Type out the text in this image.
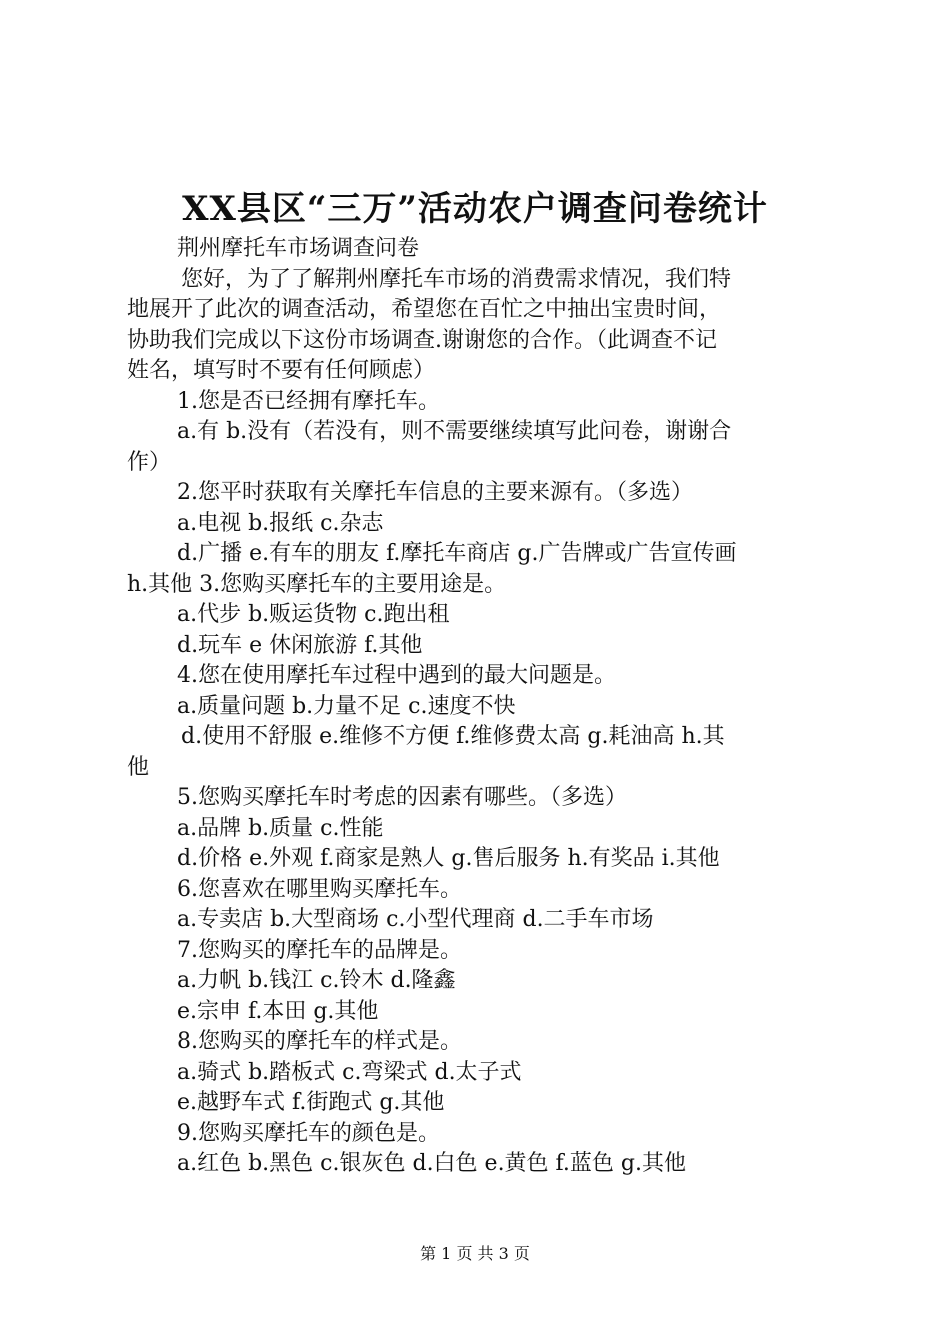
XX县区“三万”活动农户调查问卷统计
荆州摩托车市场调查问卷
您好，为了了解荆州摩托车市场的消费需求情况，我们特
地展开了此次的调查活动，希望您在百忙之中抽出宝贵时间，
协助我们完成以下这份市场调查.谢谢您的合作。（此调查不记
姓名，填写时不要有任何顾虑）
1.您是否已经拥有摩托车。
a.有 b.没有（若没有，则不需要继续填写此问卷，谢谢合
作）
2.您平时获取有关摩托车信息的主要来源有。（多选）
a.电视 b.报纸 c.杂志
d.广播 e.有车的朋友 f.摩托车商店 g.广告牌或广告宣传画
h.其他 3.您购买摩托车的主要用途是。
a.代步 b.贩运货物 c.跑出租
d.玩车 e 休闲旅游 f.其他
4.您在使用摩托车过程中遇到的最大问题是。
a.质量问题 b.力量不足 c.速度不快
d.使用不舒服 e.维修不方便 f.维修费太高 g.耗油高 h.其
他
5.您购买摩托车时考虑的因素有哪些。（多选）
a.品牌 b.质量 c.性能
d.价格 e.外观 f.商家是熟人 g.售后服务 h.有奖品 i.其他
6.您喜欢在哪里购买摩托车。
a.专卖店 b.大型商场 c.小型代理商 d.二手车市场
7.您购买的摩托车的品牌是。
a.力帆 b.钱江 c.铃木 d.隆鑫
e.宗申 f.本田 g.其他
8.您购买的摩托车的样式是。
a.骑式 b.踏板式 c.弯梁式 d.太子式
e.越野车式 f.街跑式 g.其他
9.您购买摩托车的颜色是。
a.红色 b.黑色 c.银灰色 d.白色 e.黄色 f.蓝色 g.其他
第 1 页 共 3 页
